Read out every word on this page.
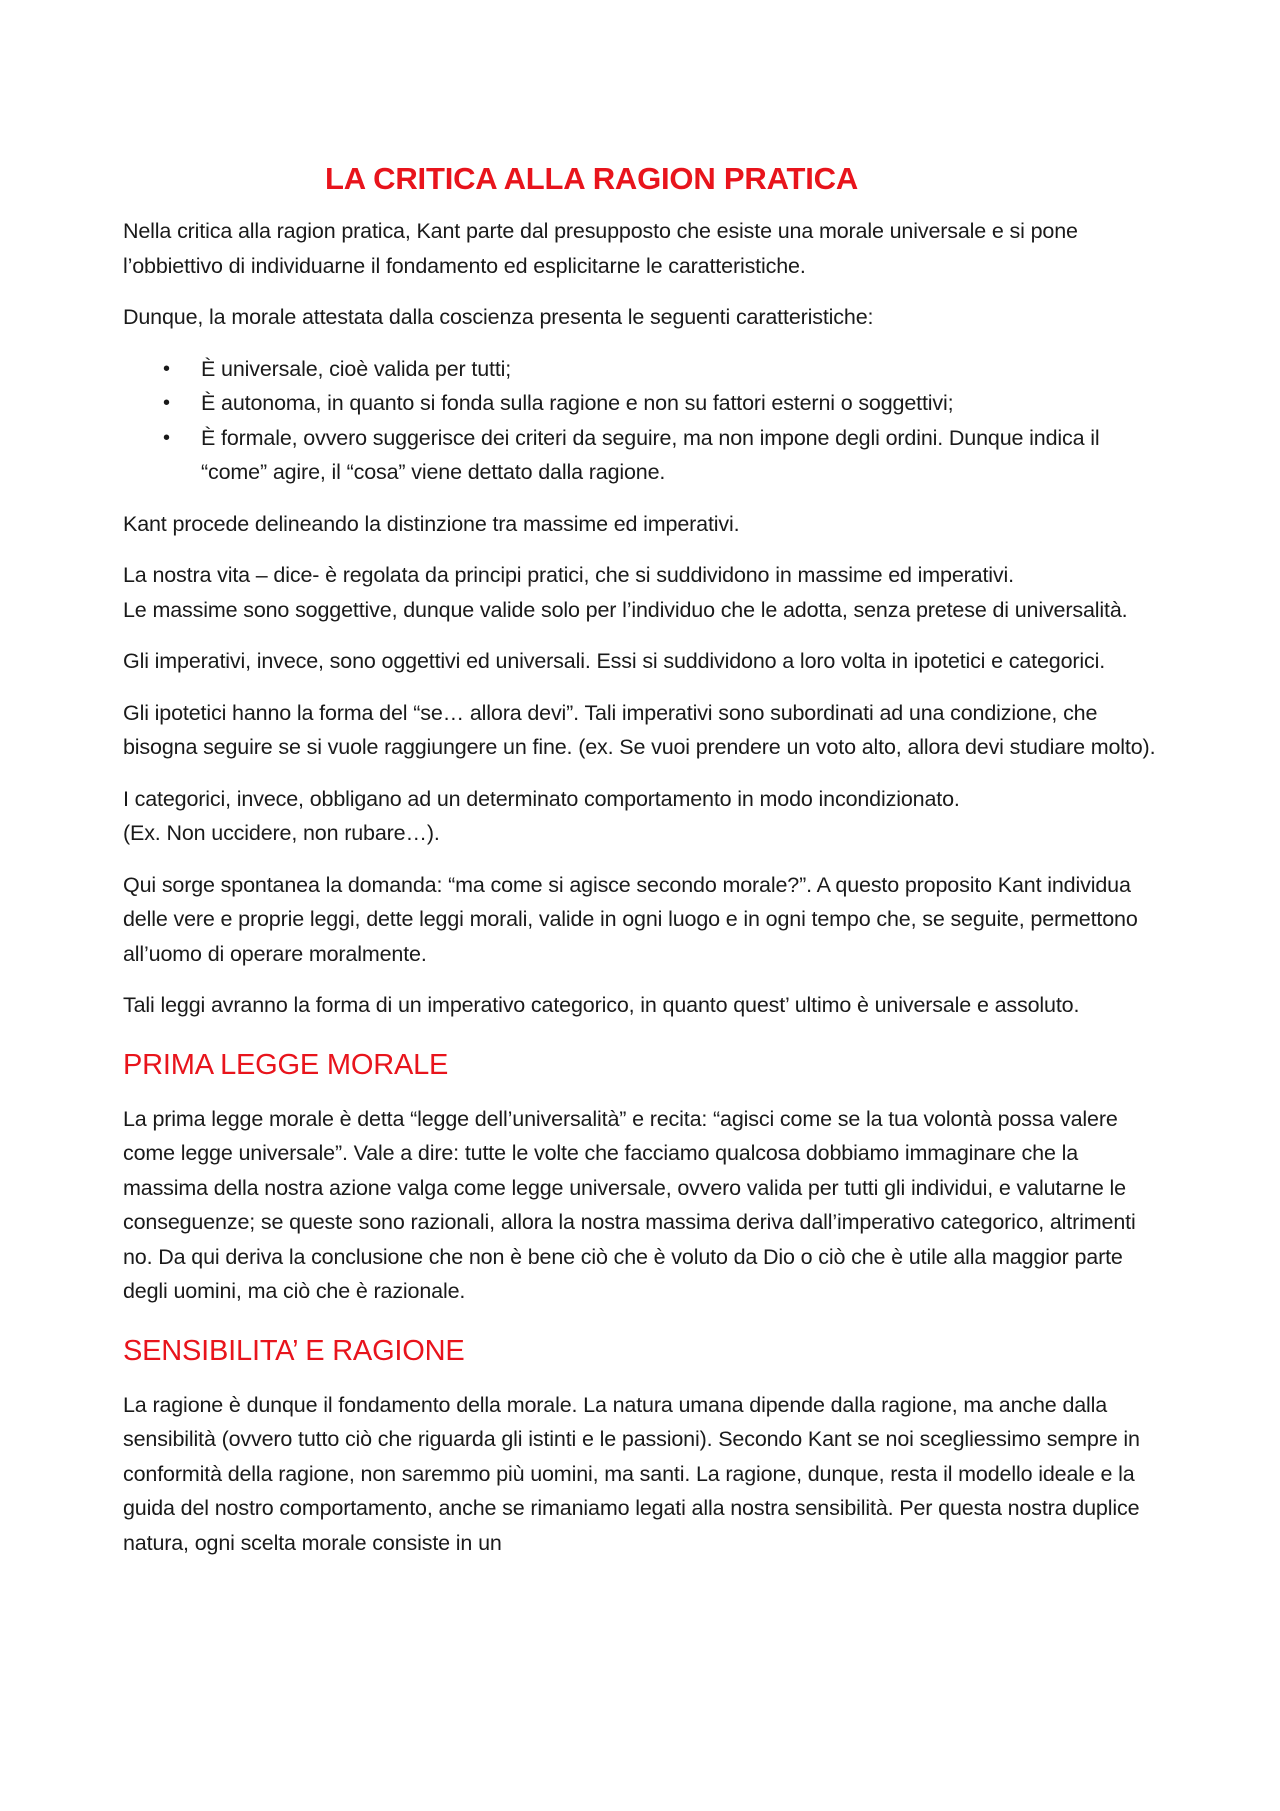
LA CRITICA ALLA RAGION PRATICA

Nella critica alla ragion pratica, Kant parte dal presupposto che esiste una morale universale e si pone l’obbiettivo di individuarne il fondamento ed esplicitarne le caratteristiche.

Dunque, la morale attestata dalla coscienza presenta le seguenti caratteristiche:

• È universale, cioè valida per tutti;
• È autonoma, in quanto si fonda sulla ragione e non su fattori esterni o soggettivi;
• È formale, ovvero suggerisce dei criteri da seguire, ma non impone degli ordini. Dunque indica il “come” agire, il “cosa” viene dettato dalla ragione.

Kant procede delineando la distinzione tra massime ed imperativi.

La nostra vita – dice- è regolata da principi pratici, che si suddividono in massime ed imperativi.
Le massime sono soggettive, dunque valide solo per l’individuo che le adotta, senza pretese di universalità.

Gli imperativi, invece, sono oggettivi ed universali. Essi si suddividono a loro volta in ipotetici e categorici.

Gli ipotetici hanno la forma del “se… allora devi”. Tali imperativi sono subordinati ad una condizione, che bisogna seguire se si vuole raggiungere un fine. (ex. Se vuoi prendere un voto alto, allora devi studiare molto).

I categorici, invece, obbligano ad un determinato comportamento in modo incondizionato.
(Ex. Non uccidere, non rubare…).

Qui sorge spontanea la domanda: “ma come si agisce secondo morale?”. A questo proposito Kant individua delle vere e proprie leggi, dette leggi morali, valide in ogni luogo e in ogni tempo che, se seguite, permettono all’uomo di operare moralmente.

Tali leggi avranno la forma di un imperativo categorico, in quanto quest’ ultimo è universale e assoluto.

PRIMA LEGGE MORALE

La prima legge morale è detta “legge dell’universalità” e recita: “agisci come se la tua volontà possa valere come legge universale”. Vale a dire: tutte le volte che facciamo qualcosa dobbiamo immaginare che la massima della nostra azione valga come legge universale, ovvero valida per tutti gli individui, e valutarne le conseguenze; se queste sono razionali, allora la nostra massima deriva dall’imperativo categorico, altrimenti no. Da qui deriva la conclusione che non è bene ciò che è voluto da Dio o ciò che è utile alla maggior parte degli uomini, ma ciò che è razionale.

SENSIBILITA’ E RAGIONE

La ragione è dunque il fondamento della morale. La natura umana dipende dalla ragione, ma anche dalla sensibilità (ovvero tutto ciò che riguarda gli istinti e le passioni). Secondo Kant se noi scegliessimo sempre in conformità della ragione, non saremmo più uomini, ma santi. La ragione, dunque, resta il modello ideale e la guida del nostro comportamento, anche se rimaniamo legati alla nostra sensibilità. Per questa nostra duplice natura, ogni scelta morale consiste in un
